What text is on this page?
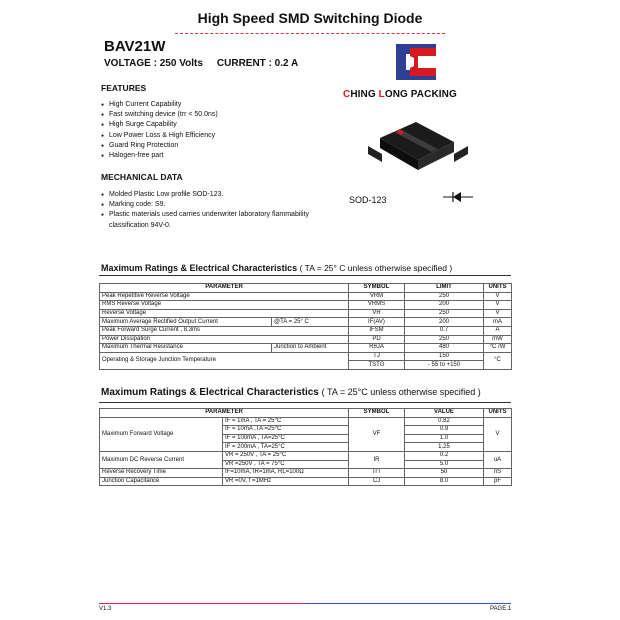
High Speed SMD Switching Diode
BAV21W
VOLTAGE : 250 Volts CURRENT : 0.2 A
CHING LONG PACKING
FEATURES
● High Current Capability
● Fast switching device (trr < 50.0ns)
● High Surge Capability
● Low Power Loss & High Efficiency
● Guard Ring Protection
● Halogen-free part
SOD-123
MECHANICAL DATA
● Molded Plastic Low profile SOD-123.
● Marking code: S9.
● Plastic materials used carries underwriter laboratory flammability classification 94V-0.
Maximum Ratings & Electrical Characteristics ( TA = 25° C unless otherwise specified )
PARAMETER		SYMBOL	LIMIT	UNITS
Peak Repetitive Reverse Voltage		VRM	250	V
RMS Reverse Voltage		VRMS	200	V
Reverse Voltage		VR	250	V
Maximum Average Rectified Output Current	@TA = 25° C	IF(AV)	200	mA
Peak Forward Surge Current , 8.3ms		IFSM	0.7	A
Power Dissipation		PD	250	mW
Maximum Thermal Resistance	Junction to Ambient	RθJA	480	°C /W
Operating & Storage Junction Temperature		TJ	150	°C
		TSTG	- 55 to +150	
Maximum Ratings & Electrical Characteristics ( TA = 25°C unless otherwise specified )
PARAMETER		SYMBOL	VALUE	UNITS
Maximum Forward Voltage	IF = 1mA , TA = 25°C	VF	0.82	V
	IF = 10mA ,TA =25°C		0.9	
	IF = 100mA , TA=25°C		1.0	
	IF = 200mA , TA=25°C		1.25	
Maximum DC Reverse Current	VR = 250V , TA = 25°C	IR	0.2	uA
	VR =250V , TA = 75°C		5.0	
Reverse Recovery Time	IF=10mA, IR=1mA, RL=100Ω	TrT	50	nS
Junction Capacitance	VR =0V, f =1MHz	CJ	8.0	pF
V1.3	PAGE.1
